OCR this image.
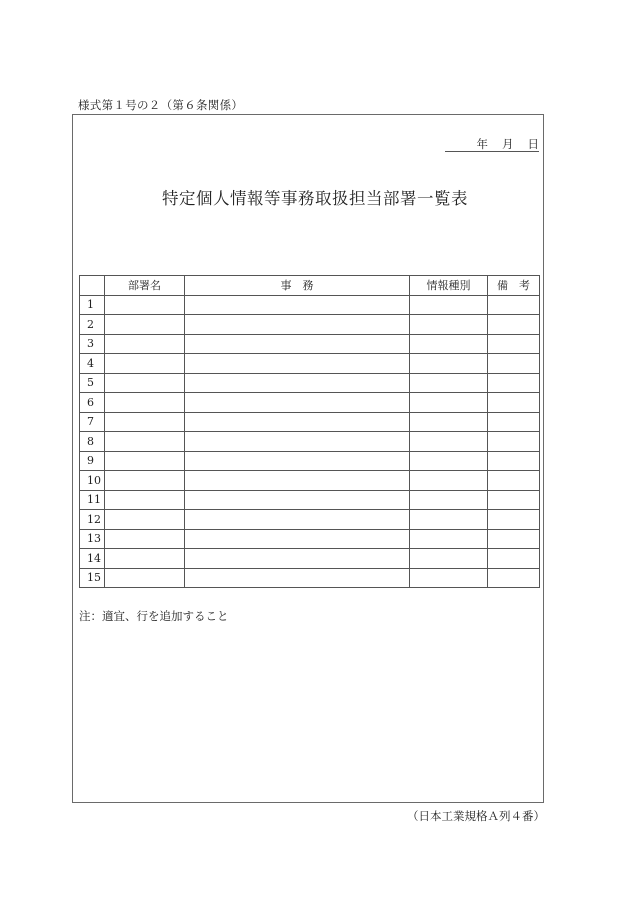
様式第１号の２（第６条関係）
年 月 日
特定個人情報等事務取扱担当部署一覧表
	部署名	事　務	情報種別	備　考
1				
2				
3				
4				
5				
6				
7				
8				
9				
10				
11				
12				
13				
14				
15				
注：適宜、行を追加すること
（日本工業規格Ａ列４番）
